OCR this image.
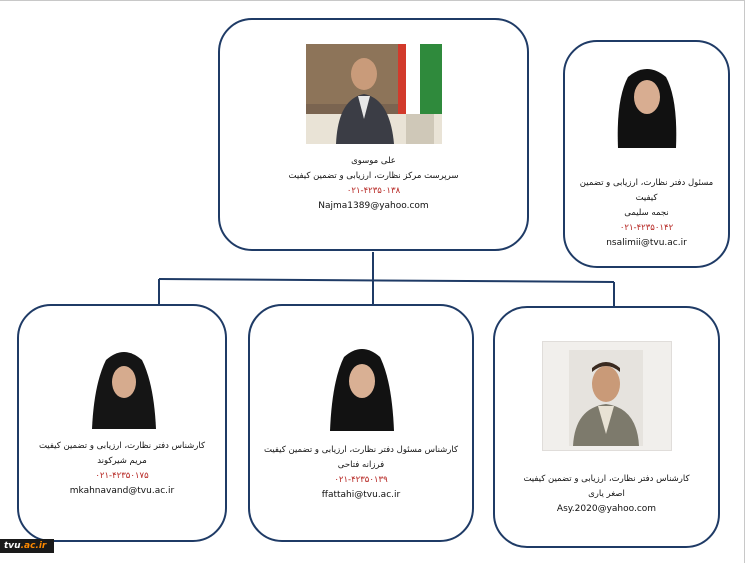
علی موسوی
سرپرست مرکز نظارت، ارزیابی و تضمین کیفیت
۰۲۱-۴۲۳۵۰۱۳۸
Najma1389@yahoo.com
مسئول دفتر نظارت، ارزیابی و تضمین
کیفیت
نجمه سلیمی
۰۲۱-۴۲۳۵۰۱۴۲
nsalimii@tvu.ac.ir
کارشناس دفتر نظارت، ارزیابی و تضمین کیفیت
مریم شیرکوند
۰۲۱-۴۲۳۵۰۱۷۵
mkahnavand@tvu.ac.ir
کارشناس مسئول دفتر نظارت، ارزیابی و تضمین کیفیت
فرزانه فتاحی
۰۲۱-۴۲۳۵۰۱۳۹
ffattahi@tvu.ac.ir
کارشناس دفتر نظارت، ارزیابی و تضمین کیفیت
اصغر یاری
Asy.2020@yahoo.com
tvu.ac.ir
